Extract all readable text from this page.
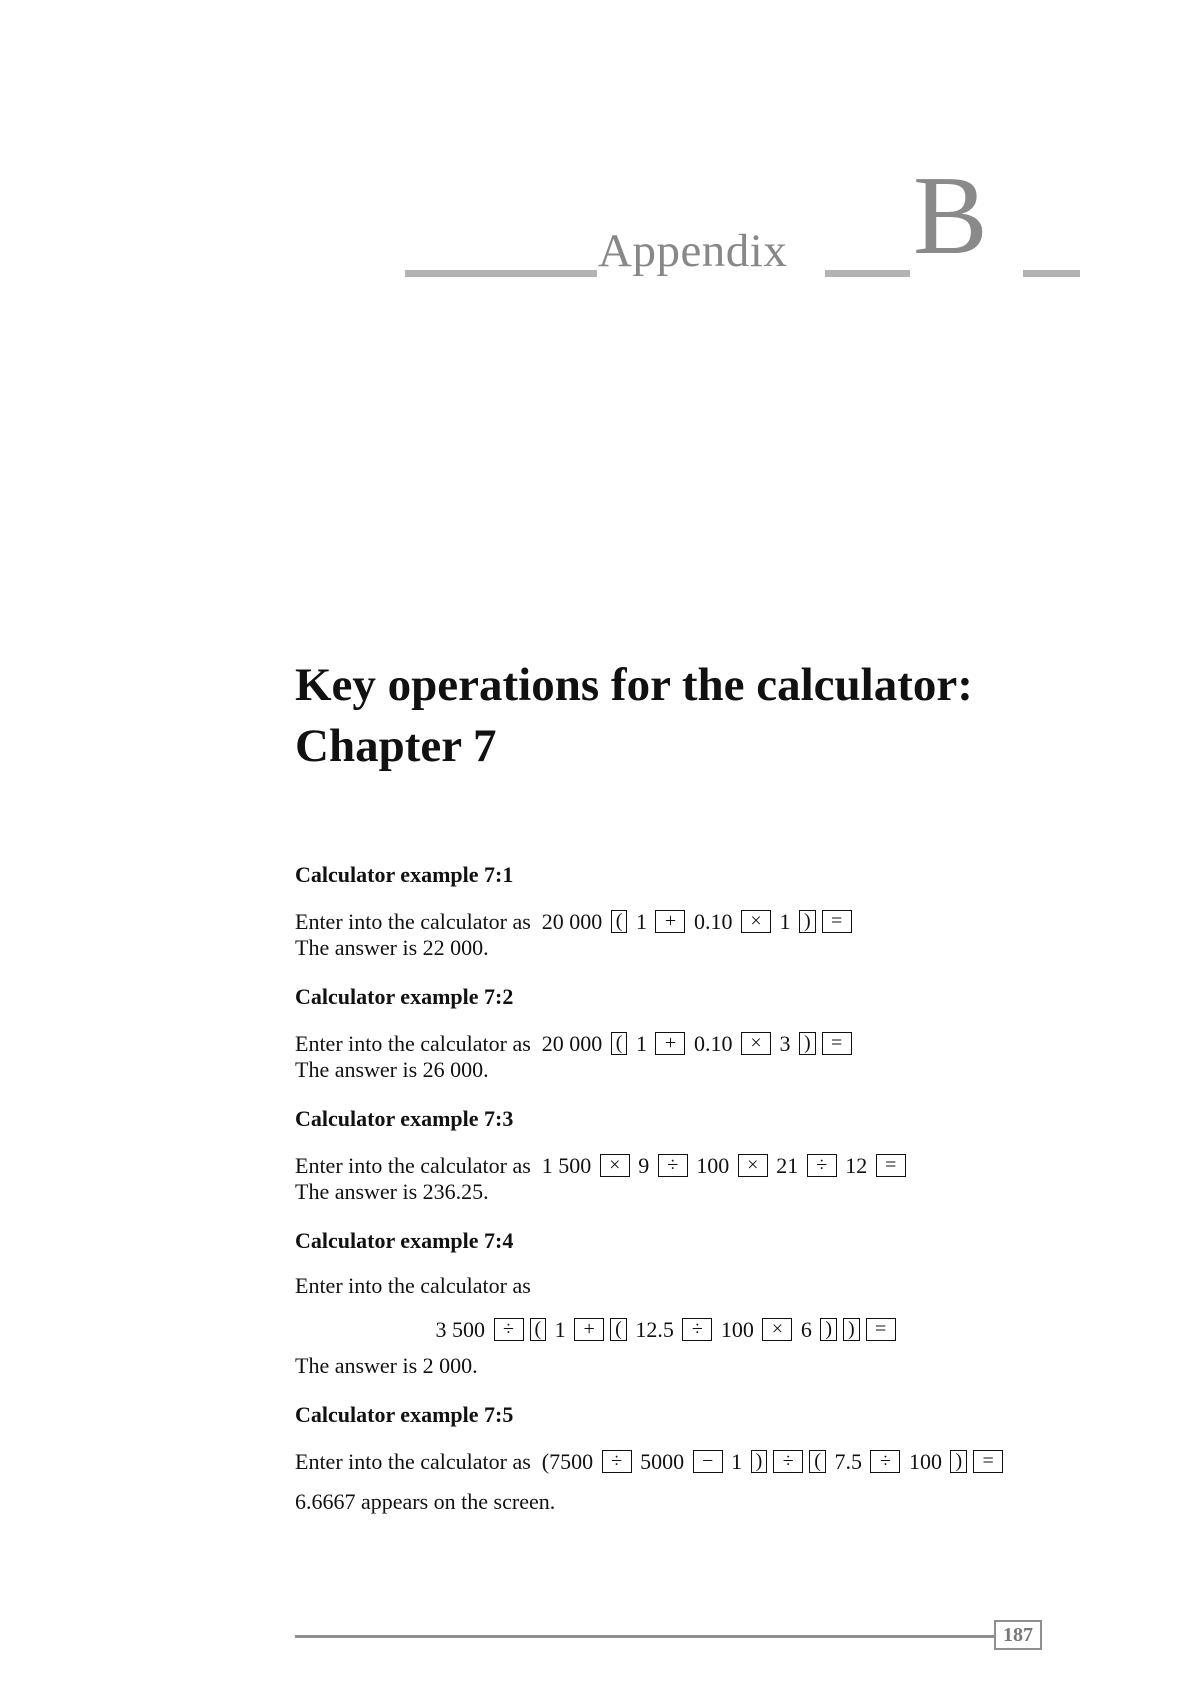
Appendix B
Key operations for the calculator:
Chapter 7
Calculator example 7:1
Enter into the calculator as  20 000 ( 1 + 0.10 × 1 ) =
The answer is 22 000.
Calculator example 7:2
Enter into the calculator as  20 000 ( 1 + 0.10 × 3 ) =
The answer is 26 000.
Calculator example 7:3
Enter into the calculator as  1 500 × 9 ÷ 100 × 21 ÷ 12 =
The answer is 236.25.
Calculator example 7:4
Enter into the calculator as
3 500 ÷ ( 1 + ( 12.5 ÷ 100 × 6 ) ) =
The answer is 2 000.
Calculator example 7:5
Enter into the calculator as  (7500 ÷ 5000 − 1 ) ÷ ( 7.5 ÷ 100 ) =
6.6667 appears on the screen.
187
